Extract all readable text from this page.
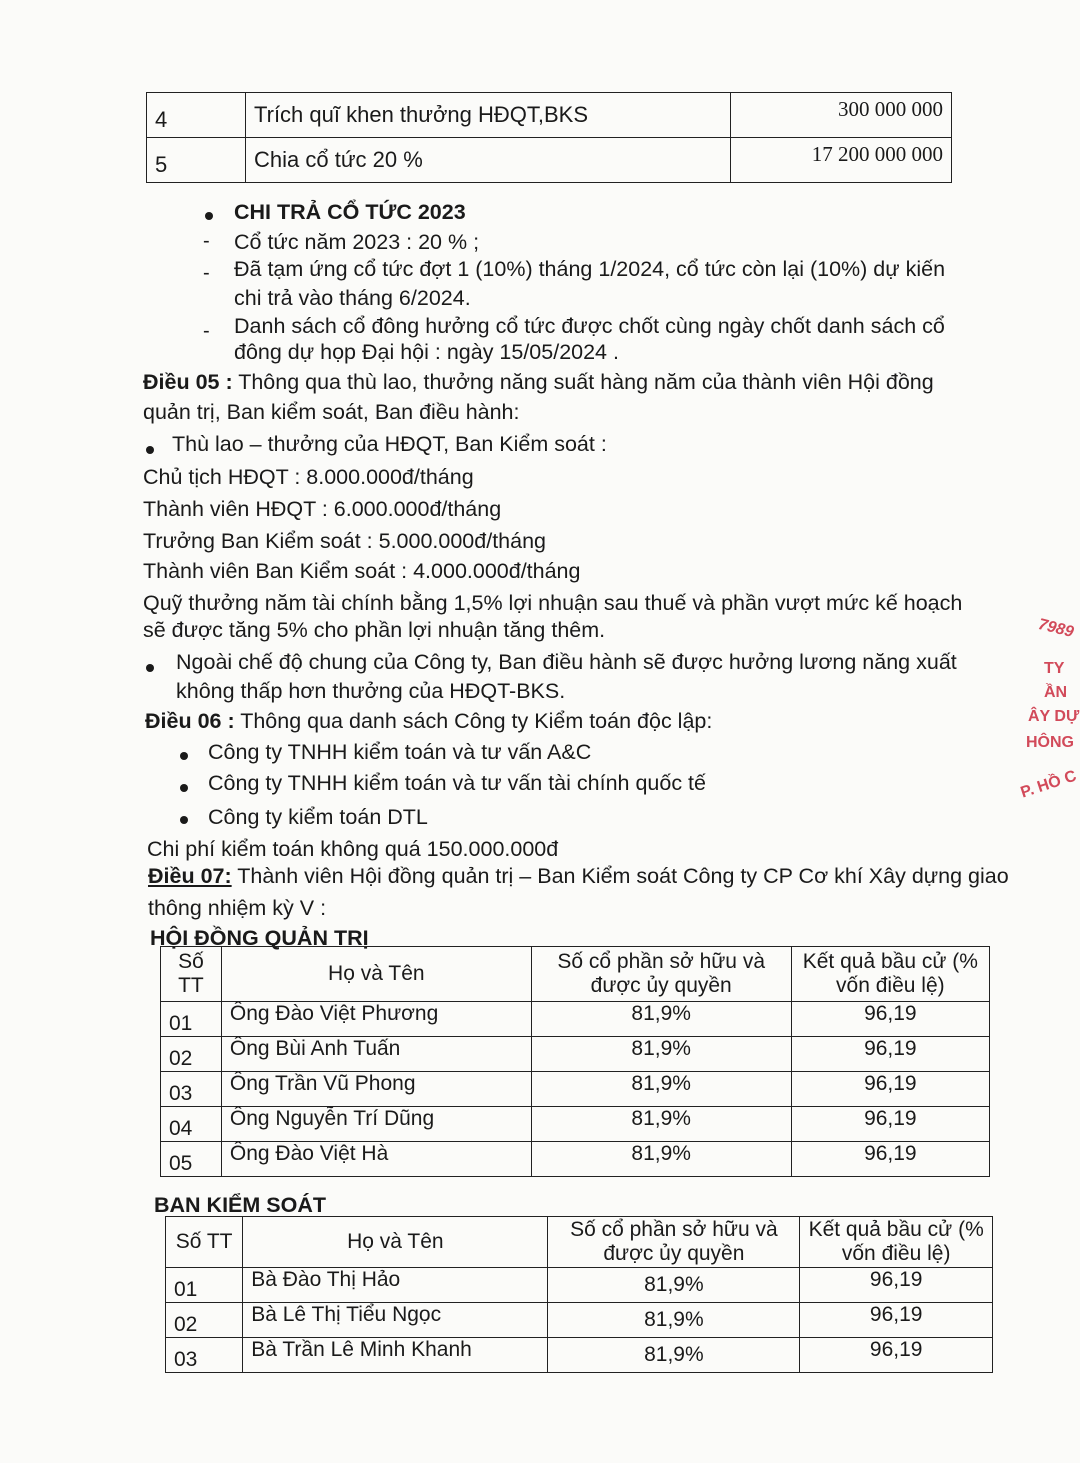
4	Trích quĩ khen thưởng HĐQT,BKS	300 000 000
5	Chia cổ tức 20 %	17 200 000 000
CHI TRẢ CỔ TỨC 2023
- Cổ tức năm 2023 : 20 % ;
- Đã tạm ứng cổ tức đợt 1 (10%) tháng 1/2024, cổ tức còn lại (10%) dự kiến
chi trả vào tháng 6/2024.
- Danh sách cổ đông hưởng cổ tức được chốt cùng ngày chốt danh sách cổ
đông dự họp Đại hội : ngày 15/05/2024 .
Điều 05 : Thông qua thù lao, thưởng năng suất hàng năm của thành viên Hội đồng
quản trị, Ban kiểm soát, Ban điều hành:
Thù lao – thưởng của HĐQT, Ban Kiểm soát :
Chủ tịch HĐQT : 8.000.000đ/tháng
Thành viên HĐQT : 6.000.000đ/tháng
Trưởng Ban Kiểm soát : 5.000.000đ/tháng
Thành viên Ban Kiểm soát : 4.000.000đ/tháng
Quỹ thưởng năm tài chính bằng 1,5% lợi nhuận sau thuế và phần vượt mức kế hoạch
sẽ được tăng 5% cho phần lợi nhuận tăng thêm.
Ngoài chế độ chung của Công ty, Ban điều hành sẽ được hưởng lương năng xuất
không thấp hơn thưởng của HĐQT-BKS.
Điều 06 : Thông qua danh sách Công ty Kiểm toán độc lập:
Công ty TNHH kiểm toán và tư vấn A&C
Công ty TNHH kiểm toán và tư vấn tài chính quốc tế
Công ty kiểm toán DTL
Chi phí kiểm toán không quá 150.000.000đ
Điều 07: Thành viên Hội đồng quản trị – Ban Kiểm soát Công ty CP Cơ khí Xây dựng giao
thông nhiệm kỳ V :
HỘI ĐỒNG QUẢN TRỊ
Số TT	Họ và Tên	Số cổ phần sở hữu và được ủy quyền	Kết quả bầu cử (% vốn điều lệ)
01	Ông Đào Việt Phương	81,9%	96,19
02	Ông Bùi Anh Tuấn	81,9%	96,19
03	Ông Trần Vũ Phong	81,9%	96,19
04	Ông Nguyễn Trí Dũng	81,9%	96,19
05	Ông Đào Việt Hà	81,9%	96,19
BAN KIỂM SOÁT
Số TT	Họ và Tên	Số cổ phần sở hữu và được ủy quyền	Kết quả bầu cử (% vốn điều lệ)
01	Bà Đào Thị Hảo	81,9%	96,19
02	Bà Lê Thị Tiểu Ngọc	81,9%	96,19
03	Bà Trần Lê Minh Khanh	81,9%	96,19
7989
TY
ẦN
ÂY DỰ
HÔNG
P. HỒ C
